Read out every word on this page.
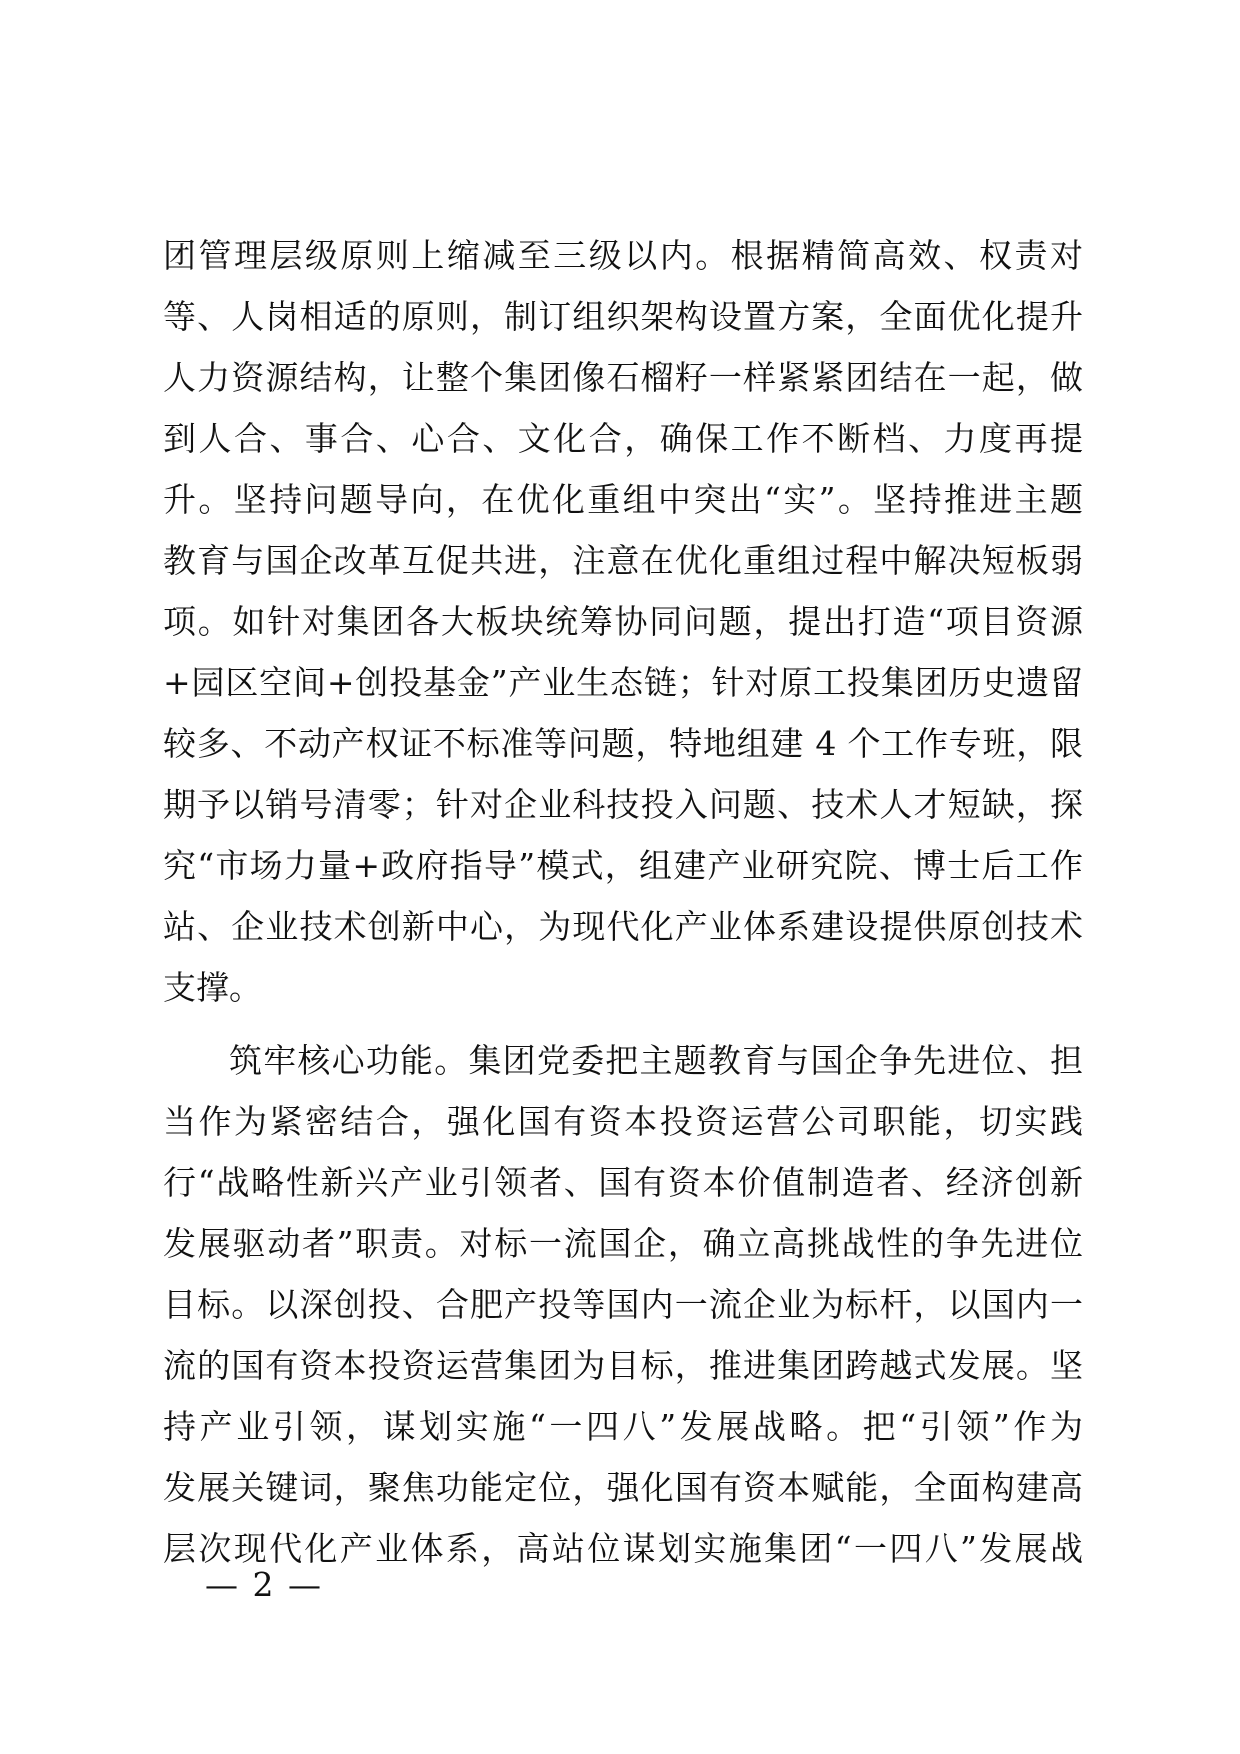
团管理层级原则上缩减至三级以内。根据精简高效、权责对
等、人岗相适的原则，制订组织架构设置方案，全面优化提升
人力资源结构，让整个集团像石榴籽一样紧紧团结在一起，做
到人合、事合、心合、文化合，确保工作不断档、力度再提
升。坚持问题导向，在优化重组中突出“实”。坚持推进主题
教育与国企改革互促共进，注意在优化重组过程中解决短板弱
项。如针对集团各大板块统筹协同问题，提出打造“项目资源
+园区空间+创投基金”产业生态链；针对原工投集团历史遗留
较多、不动产权证不标准等问题，特地组建 4 个工作专班，限
期予以销号清零；针对企业科技投入问题、技术人才短缺，探
究“市场力量+政府指导”模式，组建产业研究院、博士后工作
站、企业技术创新中心，为现代化产业体系建设提供原创技术
支撑。
筑牢核心功能。集团党委把主题教育与国企争先进位、担
当作为紧密结合，强化国有资本投资运营公司职能，切实践
行“战略性新兴产业引领者、国有资本价值制造者、经济创新
发展驱动者”职责。对标一流国企，确立高挑战性的争先进位
目标。以深创投、合肥产投等国内一流企业为标杆，以国内一
流的国有资本投资运营集团为目标，推进集团跨越式发展。坚
持产业引领，谋划实施“一四八”发展战略。把“引领”作为
发展关键词，聚焦功能定位，强化国有资本赋能，全面构建高
层次现代化产业体系，高站位谋划实施集团“一四八”发展战
— 2 —
